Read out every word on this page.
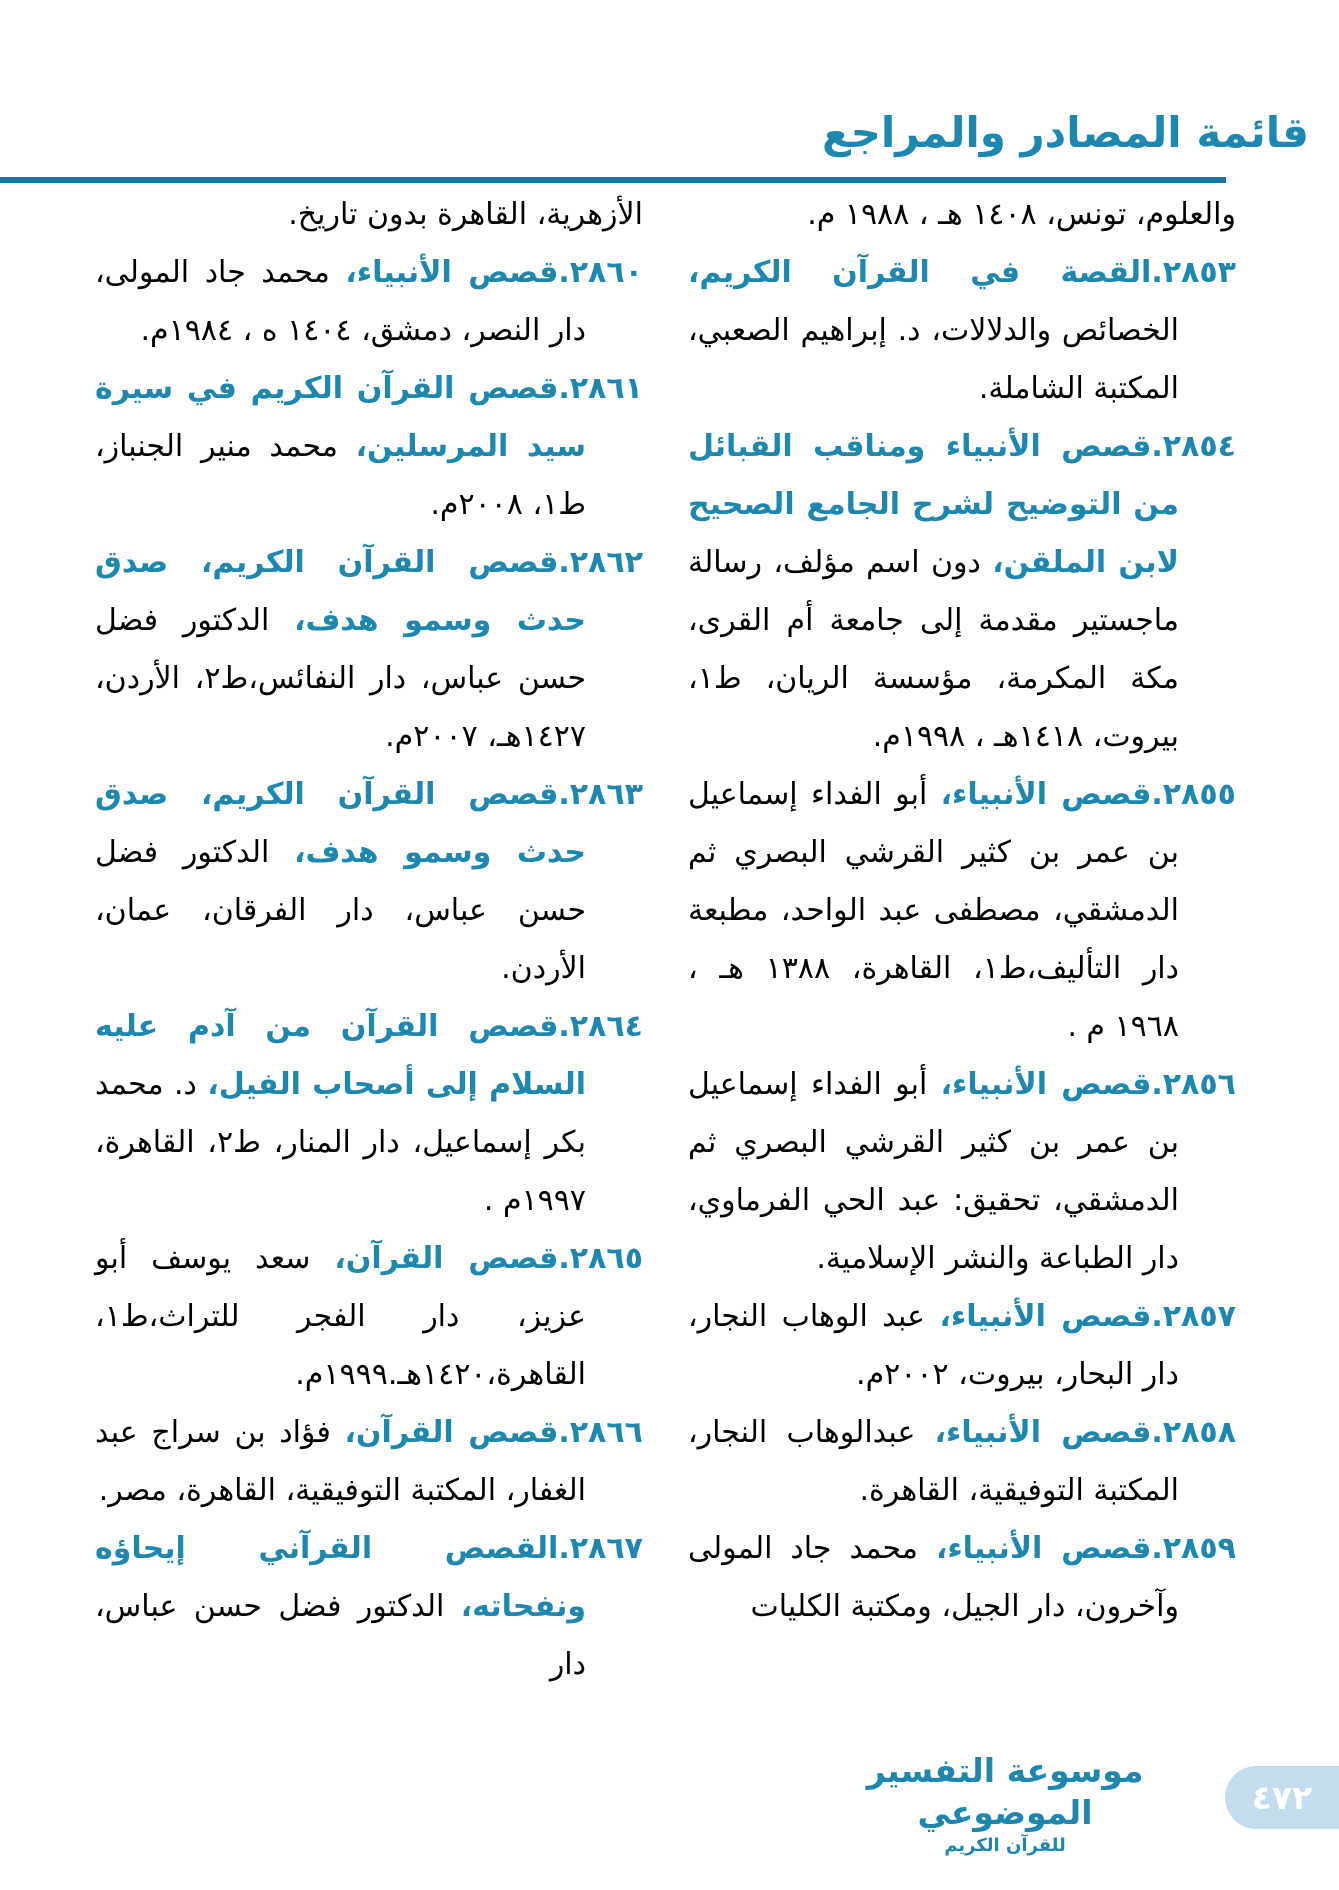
قائمة المصادر والمراجع

والعلوم، تونس، ١٤٠٨ هـ ، ١٩٨٨ م.

٢٨٥٣.القصة في القرآن الكريم، الخصائص والدلالات، د. إبراهيم الصعبي، المكتبة الشاملة.

٢٨٥٤.قصص الأنبياء ومناقب القبائل من التوضيح لشرح الجامع الصحيح لابن الملقن، دون اسم مؤلف، رسالة ماجستير مقدمة إلى جامعة أم القرى، مكة المكرمة، مؤسسة الريان، ط١، بيروت، ١٤١٨هـ ، ١٩٩٨م.

٢٨٥٥.قصص الأنبياء، أبو الفداء إسماعيل بن عمر بن كثير القرشي البصري ثم الدمشقي، مصطفى عبد الواحد، مطبعة دار التأليف،ط١، القاهرة، ١٣٨٨ هـ ، ١٩٦٨ م .

٢٨٥٦.قصص الأنبياء، أبو الفداء إسماعيل بن عمر بن كثير القرشي البصري ثم الدمشقي، تحقيق: عبد الحي الفرماوي، دار الطباعة والنشر الإسلامية.

٢٨٥٧.قصص الأنبياء، عبد الوهاب النجار، دار البحار، بيروت، ٢٠٠٢م.

٢٨٥٨.قصص الأنبياء، عبدالوهاب النجار، المكتبة التوفيقية، القاهرة.

٢٨٥٩.قصص الأنبياء، محمد جاد المولى وآخرون، دار الجيل، ومكتبة الكليات

الأزهرية، القاهرة بدون تاريخ.

٢٨٦٠.قصص الأنبياء، محمد جاد المولى، دار النصر، دمشق، ١٤٠٤ ه ، ١٩٨٤م.

٢٨٦١.قصص القرآن الكريم في سيرة سيد المرسلين، محمد منير الجنباز، ط١، ٢٠٠٨م.

٢٨٦٢.قصص القرآن الكريم، صدق حدث وسمو هدف، الدكتور فضل حسن عباس، دار النفائس،ط٢، الأردن، ١٤٢٧هـ، ٢٠٠٧م.

٢٨٦٣.قصص القرآن الكريم، صدق حدث وسمو هدف، الدكتور فضل حسن عباس، دار الفرقان، عمان، الأردن.

٢٨٦٤.قصص القرآن من آدم عليه السلام إلى أصحاب الفيل، د. محمد بكر إسماعيل، دار المنار، ط٢، القاهرة، ١٩٩٧م .

٢٨٦٥.قصص القرآن، سعد يوسف أبو عزيز، دار الفجر للتراث،ط١، القاهرة،١٤٢٠هـ.١٩٩٩م.

٢٨٦٦.قصص القرآن، فؤاد بن سراج عبد الغفار، المكتبة التوفيقية، القاهرة، مصر.

٢٨٦٧.القصص القرآني إيحاؤه ونفحاته، الدكتور فضل حسن عباس، دار

موسوعة التفسير الموضوعي
للقرآن الكريم
٤٧٢
